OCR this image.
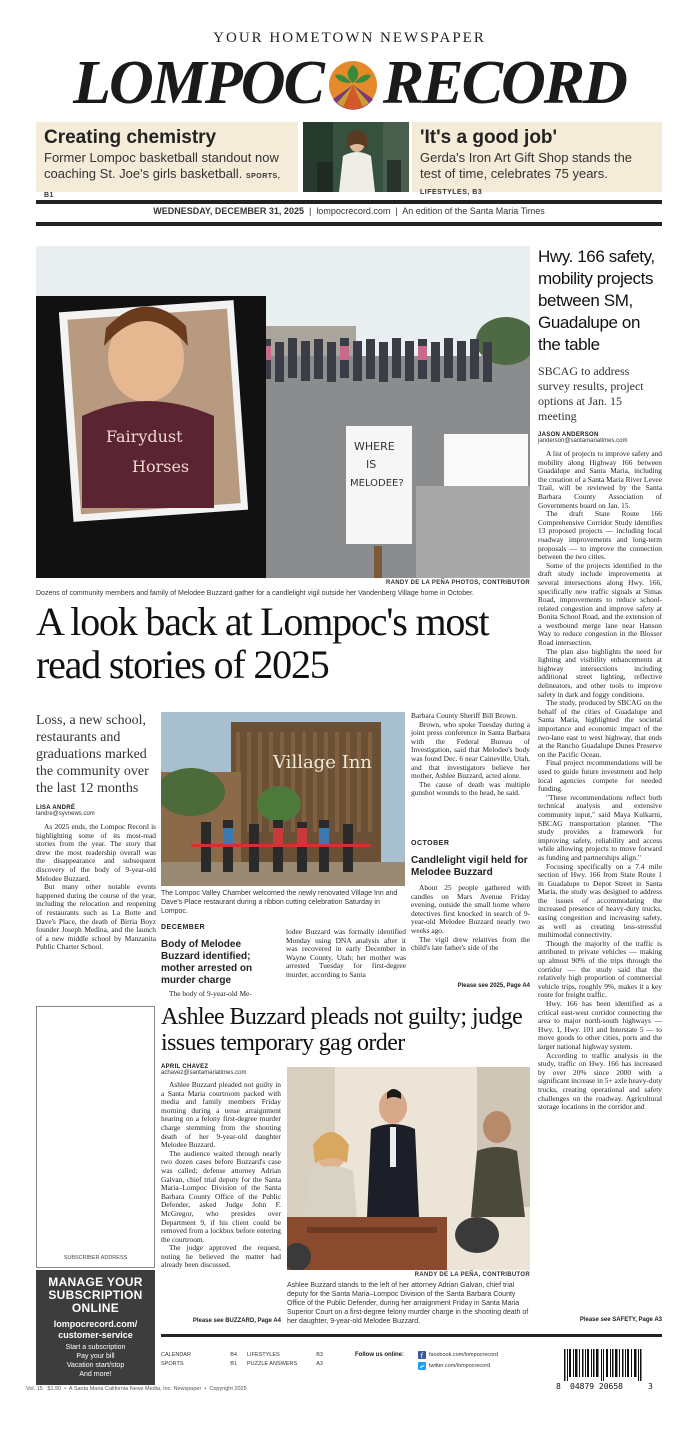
YOUR HOMETOWN NEWSPAPER
LOMPOC RECORD
Creating chemistry

Former Lompoc basketball standout now coaching St. Joe's girls basketball. SPORTS, B1

'It's a good job'

Gerda's Iron Art Gift Shop stands the test of time, celebrates 75 years. LIFESTYLES, B3

WEDNESDAY, DECEMBER 31, 2025  |  lompocrecord.com  |  An edition of the Santa Maria Times
Fairydust
Horses
WHERE
IS
MELODEE?
RANDY DE LA PEÑA PHOTOS, CONTRIBUTOR
Dozens of community members and family of Melodee Buzzard gather for a candlelight vigil outside her Vandenberg Village home in October.
A look back at Lompoc's most read stories of 2025
Loss, a new school, restaurants and graduations marked the community over the last 12 months
LISA ANDRÉ
landre@syvnews.com

As 2025 ends, the Lompoc Record is highlighting some of its most-read stories from the year. The story that drew the most readership overall was the disappearance and subsequent discovery of the body of 9-year-old Melodee Buzzard.

But many other notable events happened during the course of the year, including the relocation and reopening of restaurants such as La Botte and Dave's Place, the death of Birria Boyz founder Joseph Medina, and the launch of a new middle school by Manzanita Public Charter School.

Village Inn
The Lompoc Valley Chamber welcomed the newly renovated Village Inn and Dave's Place restaurant during a ribbon cutting celebration Saturday in Lompoc.
DECEMBER
Body of Melodee Buzzard identified; mother arrested on murder charge

The body of 9-year-old Me-

lodee Buzzard was formally identified Monday using DNA analysis after it was recovered in early December in Wayne County, Utah; her mother was arrested Tuesday for first-degree murder, according to Santa

Barbara County Sheriff Bill Brown.

Brown, who spoke Tuesday during a joint press conference in Santa Barbara with the Federal Bureau of Investigation, said that Melodee's body was found Dec. 6 near Caineville, Utah, and that investigators believe her mother, Ashlee Buzzard, acted alone.

The cause of death was multiple gunshot wounds to the head, he said.

OCTOBER
Candlelight vigil held for Melodee Buzzard

About 25 people gathered with candles on Mars Avenue Friday evening, outside the small home where detectives first knocked in search of 9-year-old Melodee Buzzard nearly two weeks ago.

The vigil drew relatives from the child's late father's side of the

Please see 2025, Page A4
Hwy. 166 safety, mobility projects between SM, Guadalupe on the table
SBCAG to address survey results, project options at Jan. 15 meeting
JASON ANDERSON
janderson@santamariatimes.com

A list of projects to improve safety and mobility along Highway 166 between Guadalupe and Santa Maria, including the creation of a Santa Maria River Levee Trail, will be reviewed by the Santa Barbara County Association of Governments board on Jan. 15.

The draft State Route 166 Comprehensive Corridor Study identifies 13 proposed projects — including local roadway improvements and long-term proposals — to improve the connection between the two cities.

Some of the projects identified in the draft study include improvements at several intersections along Hwy. 166, specifically new traffic signals at Simas Road, improvements to reduce school-related congestion and improve safety at Bonita School Road, and the extension of a westbound merge lane near Hanson Way to reduce congestion in the Blosser Road intersection.

The plan also highlights the need for lighting and visibility enhancements at highway intersections including additional street lighting, reflective delineators, and other tools to improve safety in dark and foggy conditions.

The study, produced by SBCAG on the behalf of the cities of Guadalupe and Santa Maria, highlighted the societal importance and economic impact of the two-lane east to west highway, that ends at the Rancho Guadalupe Dunes Preserve on the Pacific Ocean.

Final project recommendations will be used to guide future investment and help local agencies compete for needed funding.

"These recommendations reflect both technical analysis and extensive community input," said Maya Kulkarni, SBCAG transportation planner. "The study provides a framework for improving safety, reliability and access while allowing projects to move forward as funding and partnerships align."

Focusing specifically on a 7.4 mile section of Hwy. 166 from State Route 1 in Guadalupe to Depot Street in Santa Maria, the study was designed to address the issues of accommodating the increased presence of heavy-duty trucks, easing congestion and increasing safety, as well as creating less-stressful multimodal connectivity.

Though the majority of the traffic is attributed to private vehicles — making up almost 90% of the trips through the corridor — the study said that the relatively high proportion of commercial vehicle trips, roughly 9%, makes it a key route for freight traffic.

Hwy. 166 has been identified as a critical east-west corridor connecting the area to major north-south highways — Hwy. 1, Hwy. 101 and Interstate 5 — to move goods to other cities, ports and the larger national highway system.

According to traffic analysis in the study, traffic on Hwy. 166 has increased by over 20% since 2000 with a significant increase in 5+ axle heavy-duty trucks, creating operational and safety challenges on the roadway. Agricultural storage locations in the corridor and

Please see SAFETY, Page A3
Ashlee Buzzard pleads not guilty; judge issues temporary gag order
APRIL CHAVEZ
achavez@santamariatimes.com

Ashlee Buzzard pleaded not guilty in a Santa Maria courtroom packed with media and family members Friday morning during a tense arraignment hearing on a felony first-degree murder charge stemming from the shooting death of her 9-year-old daughter Melodee Buzzard.

The audience waited through nearly two dozen cases before Buzzard's case was called; defense attorney Adrian Galvan, chief trial deputy for the Santa Maria–Lompoc Division of the Santa Barbara County Office of the Public Defender, asked Judge John F. McGregor, who presides over Department 9, if his client could be removed from a lockbox before entering the courtroom.

The judge approved the request, noting he believed the matter had already been discussed.

RANDY DE LA PEÑA, CONTRIBUTOR
Ashlee Buzzard stands to the left of her attorney Adrian Galvan, chief trial deputy for the Santa Maria–Lompoc Division of the Santa Barbara County Office of the Public Defender, during her arraignment Friday in Santa Maria Superior Court on a first-degree felony murder charge in the shooting death of her daughter, 9-year-old Melodee Buzzard.
Please see BUZZARD, Page A4
SUBSCRIBER ADDRESS
MANAGE YOUR SUBSCRIPTION ONLINE
lompocrecord.com/ customer-service
Start a subscription
Pay your bill
Vacation start/stop
And more!
CALENDAR	B4 LIFESTYLES	B3
SPORTS	B1 PUZZLE ANSWERS	A3
Follow us online: f facebook.com/lompocrecord
twitter.com/lompocrecord
Vol. 15 $1.50  •  A Santa Maria California News Media, Inc. Newspaper  •  Copyright 2025	8 04879 20658	3
